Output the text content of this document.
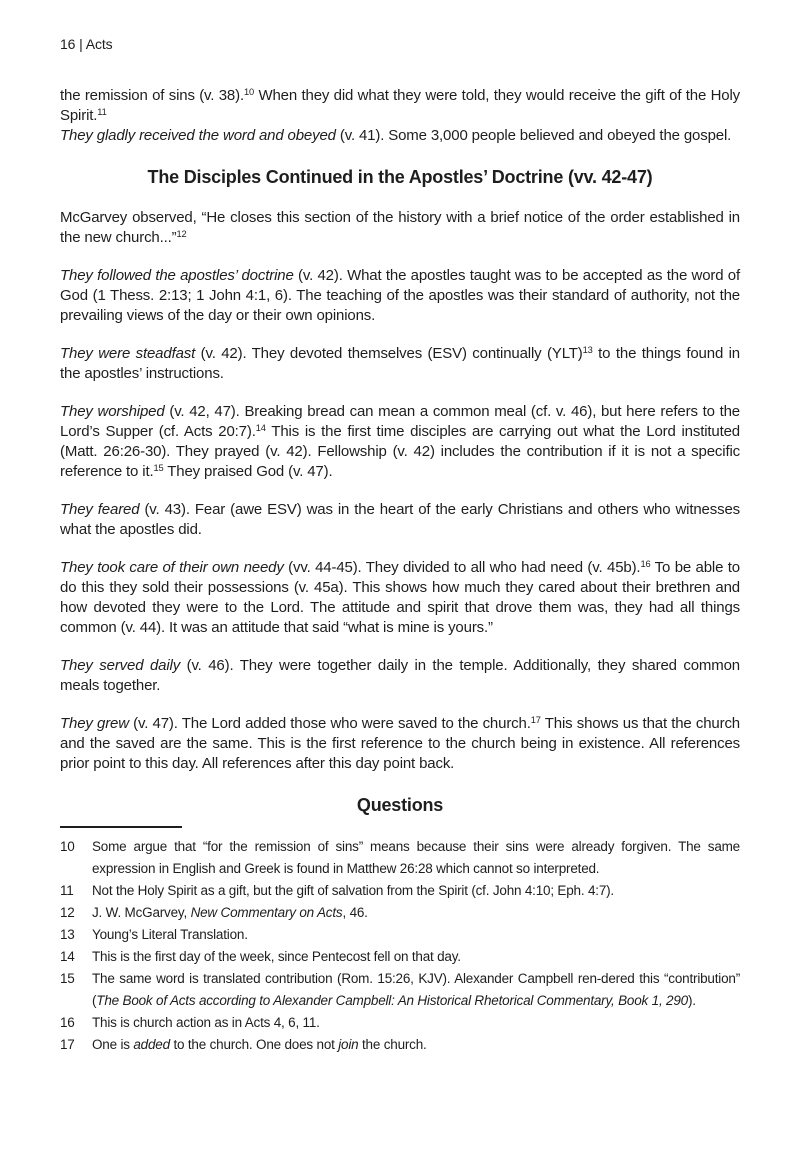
16 | Acts

the remission of sins (v. 38).$^{10}$ When they did what they were told, they would receive the gift of the Holy Spirit.$^{11}$

They gladly received the word and obeyed (v. 41). Some 3,000 people believed and obeyed the gospel.

The Disciples Continued in the Apostles’ Doctrine (vv. 42-47)

McGarvey observed, “He closes this section of the history with a brief notice of the order established in the new church...”$^{12}$

They followed the apostles’ doctrine (v. 42). What the apostles taught was to be accepted as the word of God (1 Thess. 2:13; 1 John 4:1, 6). The teaching of the apostles was their standard of authority, not the prevailing views of the day or their own opinions.

They were steadfast (v. 42). They devoted themselves (ESV) continually (YLT)$^{13}$ to the things found in the apostles’ instructions.

They worshiped (v. 42, 47). Breaking bread can mean a common meal (cf. v. 46), but here refers to the Lord’s Supper (cf. Acts 20:7).$^{14}$ This is the first time disciples are carrying out what the Lord instituted (Matt. 26:26-30). They prayed (v. 42). Fellowship (v. 42) includes the contribution if it is not a specific reference to it.$^{15}$ They praised God (v. 47).

They feared (v. 43). Fear (awe ESV) was in the heart of the early Christians and others who witnesses what the apostles did.

They took care of their own needy (vv. 44-45). They divided to all who had need (v. 45b).$^{16}$ To be able to do this they sold their possessions (v. 45a). This shows how much they cared about their brethren and how devoted they were to the Lord. The attitude and spirit that drove them was, they had all things common (v. 44). It was an attitude that said “what is mine is yours.”

They served daily (v. 46). They were together daily in the temple. Additionally, they shared common meals together.

They grew (v. 47). The Lord added those who were saved to the church.$^{17}$ This shows us that the church and the saved are the same. This is the first reference to the church being in existence. All references prior point to this day. All references after this day point back.

Questions
10	Some argue that “for the remission of sins” means because their sins were already forgiven. The same expression in English and Greek is found in Matthew 26:28 which cannot so interpreted.
11	Not the Holy Spirit as a gift, but the gift of salvation from the Spirit (cf. John 4:10; Eph. 4:7).
12	J. W. McGarvey, New Commentary on Acts, 46.
13	Young’s Literal Translation.
14	This is the first day of the week, since Pentecost fell on that day.
15	The same word is translated contribution (Rom. 15:26, KJV). Alexander Campbell ren-dered this “contribution” (The Book of Acts according to Alexander Campbell: An Historical Rhetorical Commentary, Book 1, 290).
16	This is church action as in Acts 4, 6, 11.
17	One is added to the church. One does not join the church.
